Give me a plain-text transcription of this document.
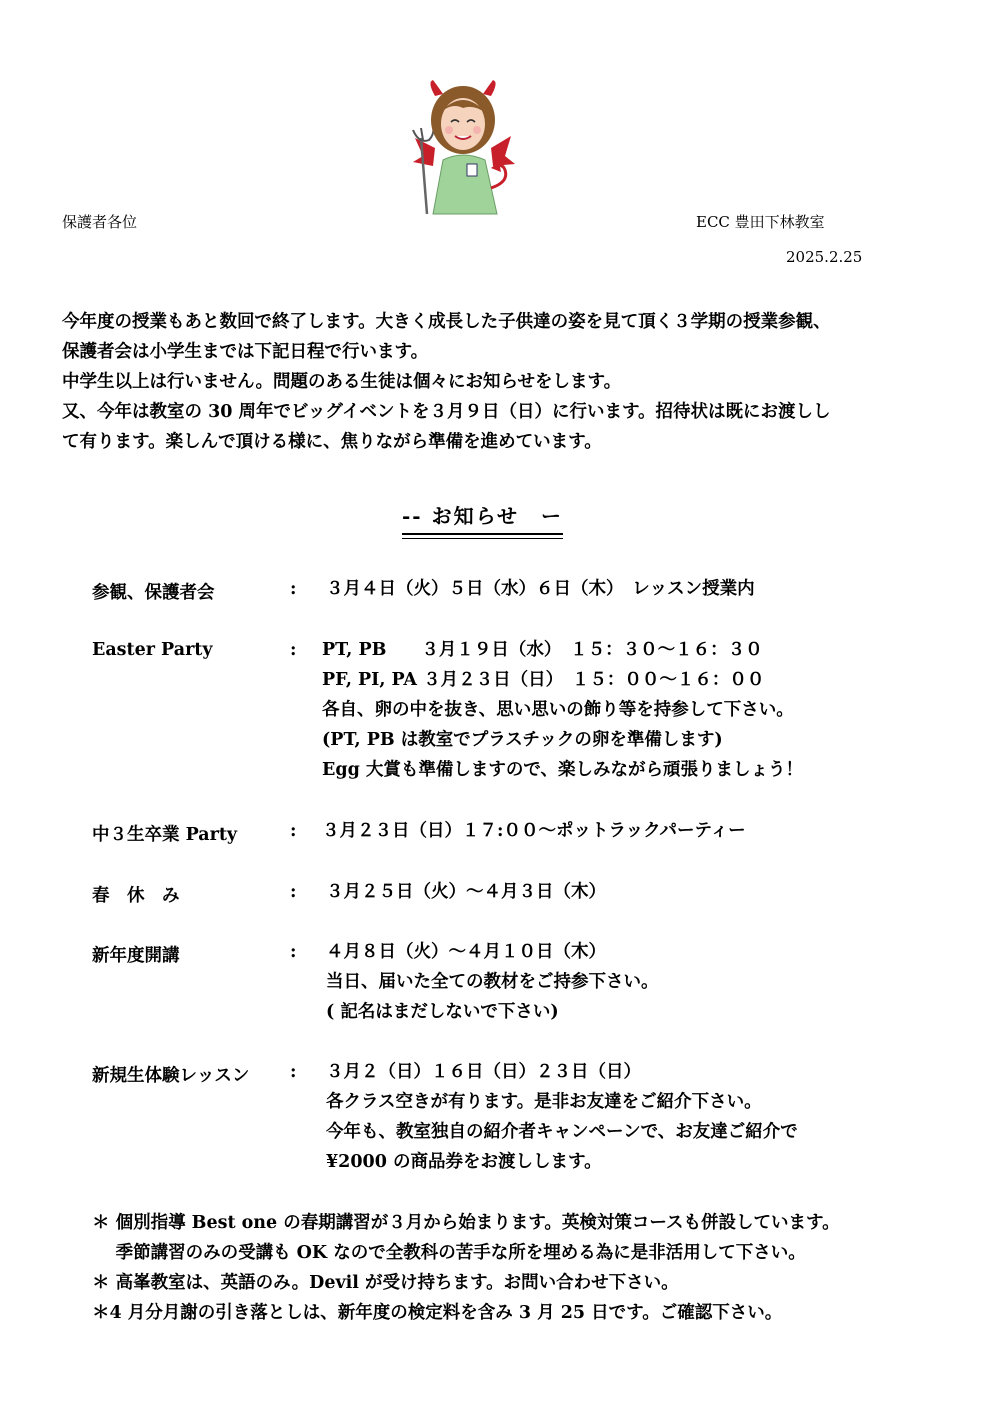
保護者各位	ECC 豊田下林教室
2025.2.25
今年度の授業もあと数回で終了します。大きく成長した子供達の姿を見て頂く３学期の授業参観、
保護者会は小学生までは下記日程で行います。
中学生以上は行いません。問題のある生徒は個々にお知らせをします。
又、今年は教室の 30 周年でビッグイベントを３月９日（日）に行います。招待状は既にお渡しし
て有ります。楽しんで頂ける様に、焦りながら準備を進めています。
-- お知らせ　ー
参観、保護者会	: ３月４日（火）５日（水）６日（木）　レッスン授業内
Easter Party	: PT, PB　　３月１９日（水）　１５：３０～１６：３０
PF, PI, PA ３月２３日（日）　１５：００～１６：００
各自、卵の中を抜き、思い思いの飾り等を持参して下さい。
(PT, PB は教室でプラスチックの卵を準備します)
Egg 大賞も準備しますので、楽しみながら頑張りましょう！
中３生卒業 Party	: ３月２３日（日）１７:００～ポットラックパーティー
春　休　み	: ３月２５日（火）～４月３日（木）
新年度開講	: ４月８日（火）～４月１０日（木）
当日、届いた全ての教材をご持参下さい。
( 記名はまだしないで下さい)
新規生体験レッスン : ３月２（日）１６日（日）２３日（日）
各クラス空きが有ります。是非お友達をご紹介下さい。
今年も、教室独自の紹介者キャンペーンで、お友達ご紹介で
¥2000 の商品券をお渡しします。
＊ 個別指導 Best one の春期講習が３月から始まります。英検対策コースも併設しています。
　 季節講習のみの受講も OK なので全教科の苦手な所を埋める為に是非活用して下さい。
＊ 高峯教室は、英語のみ。Devil が受け持ちます。お問い合わせ下さい。
＊4 月分月謝の引き落としは、新年度の検定料を含み 3 月 25 日です。ご確認下さい。
